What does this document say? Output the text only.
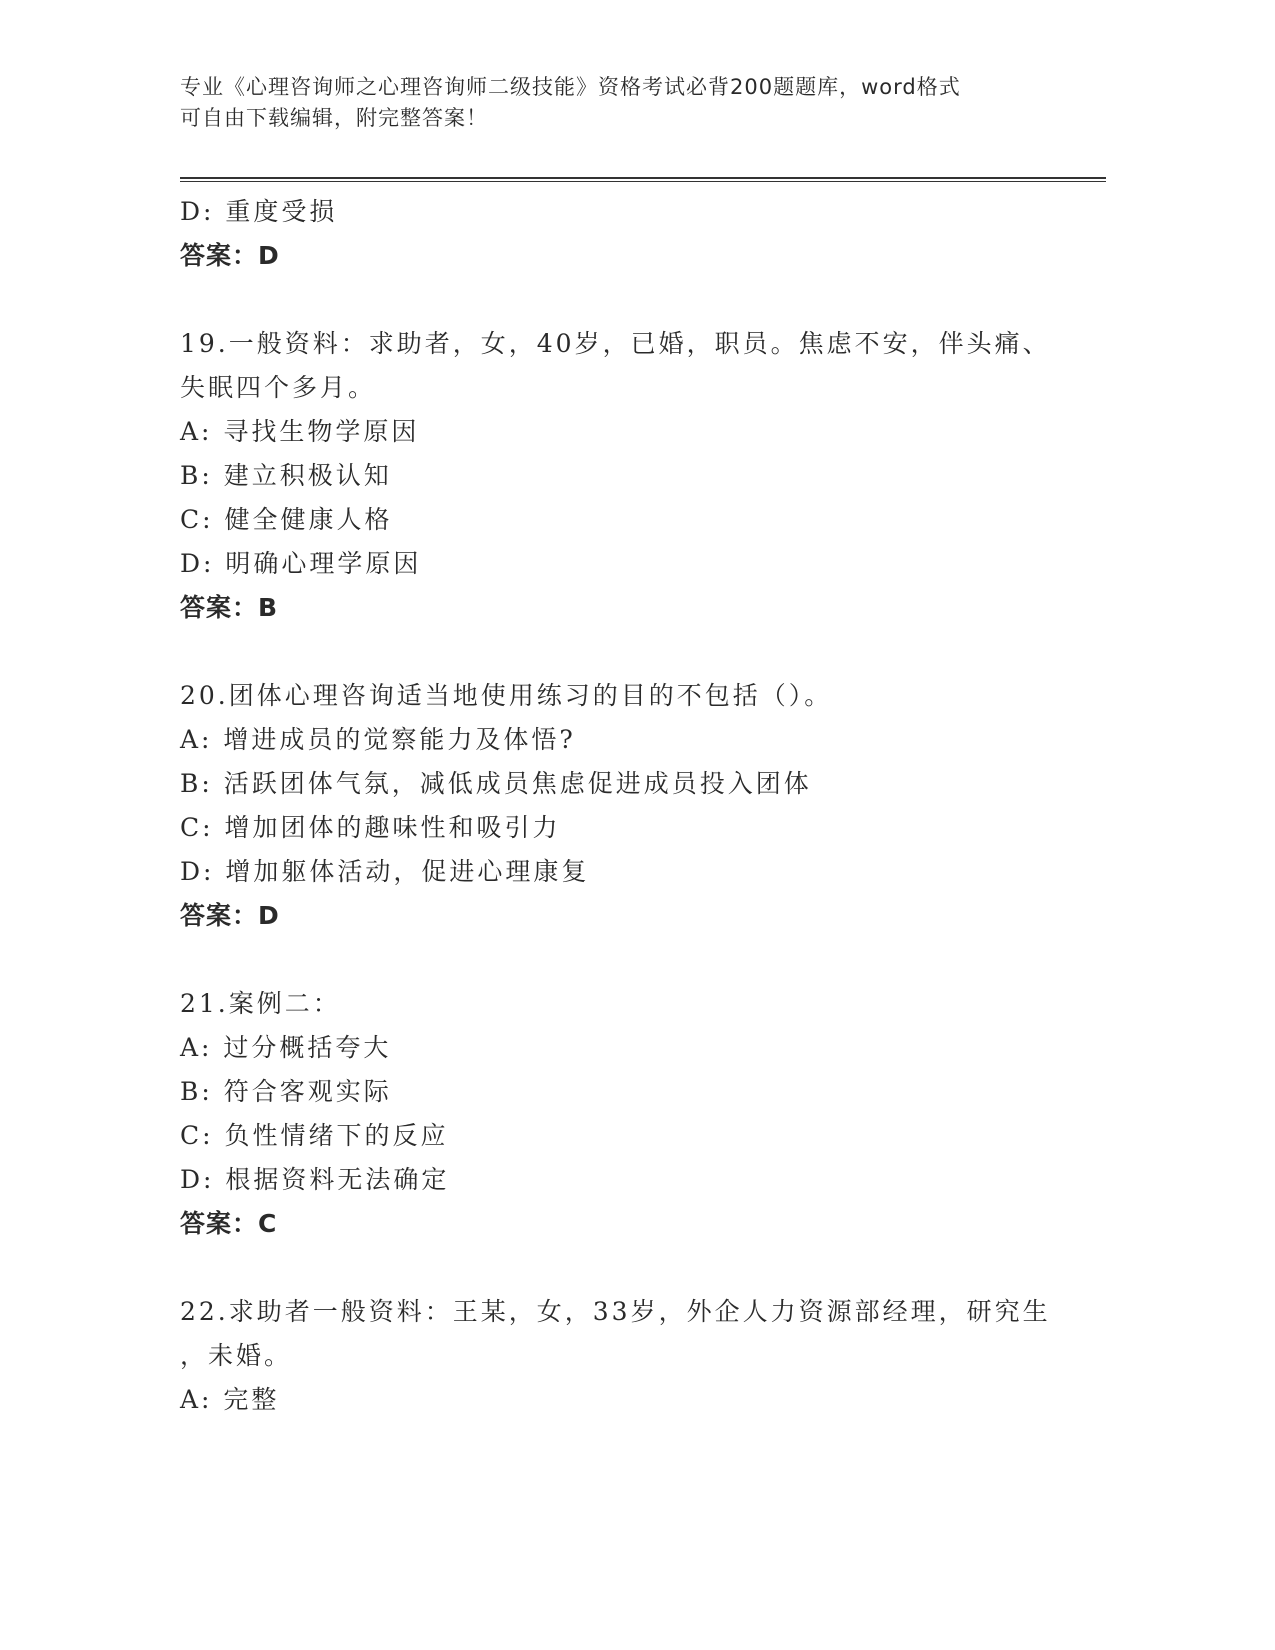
专业《心理咨询师之心理咨询师二级技能》资格考试必背200题题库，word格式
可自由下载编辑，附完整答案！
D: 重度受损
答案：D
19.一般资料：求助者，女，40岁，已婚，职员。焦虑不安，伴头痛、
失眠四个多月。
A: 寻找生物学原因
B: 建立积极认知
C: 健全健康人格
D: 明确心理学原因
答案：B
20.团体心理咨询适当地使用练习的目的不包括（）。
A: 增进成员的觉察能力及体悟?
B: 活跃团体气氛，减低成员焦虑促进成员投入团体
C: 增加团体的趣味性和吸引力
D: 增加躯体活动，促进心理康复
答案：D
21.案例二：
A: 过分概括夸大
B: 符合客观实际
C: 负性情绪下的反应
D: 根据资料无法确定
答案：C
22.求助者一般资料：王某，女，33岁，外企人力资源部经理，研究生
，未婚。
A: 完整
